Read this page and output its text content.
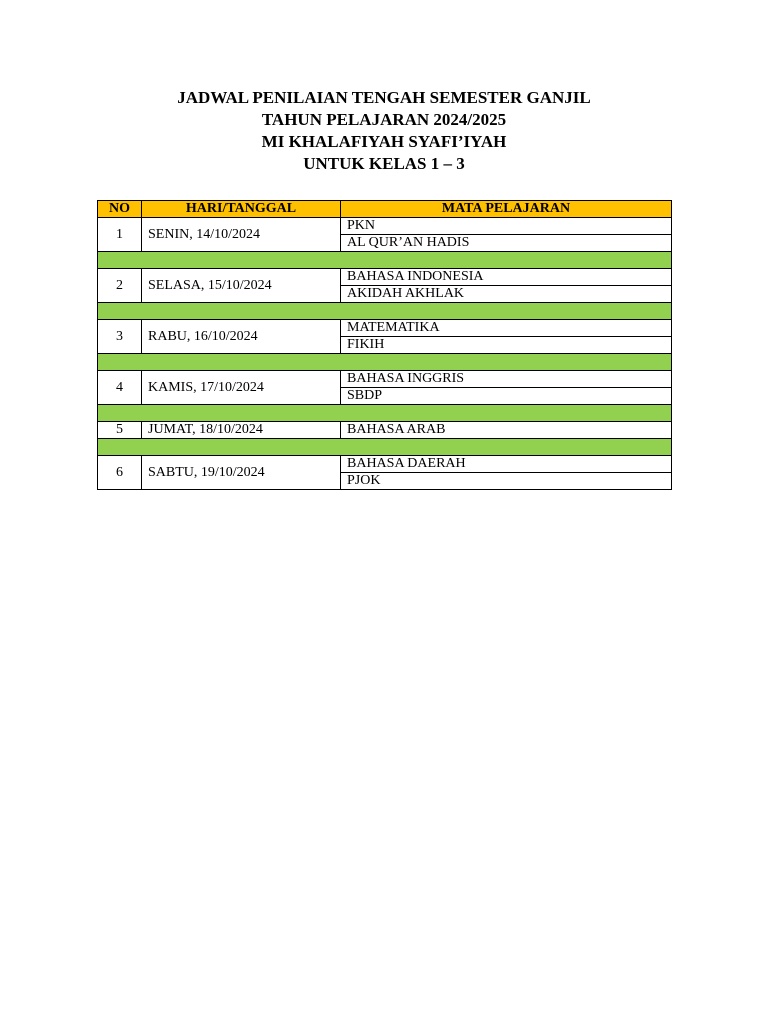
JADWAL PENILAIAN TENGAH SEMESTER GANJIL
TAHUN PELAJARAN 2024/2025
MI KHALAFIYAH SYAFI’IYAH
UNTUK KELAS 1 – 3
NO	HARI/TANGGAL	MATA PELAJARAN
1	SENIN, 14/10/2024	PKN
		AL QUR’AN HADIS

2	SELASA, 15/10/2024	BAHASA INDONESIA
		AKIDAH AKHLAK

3	RABU, 16/10/2024	MATEMATIKA
		FIKIH

4	KAMIS, 17/10/2024	BAHASA INGGRIS
		SBDP

5	JUMAT, 18/10/2024	BAHASA ARAB

6	SABTU, 19/10/2024	BAHASA DAERAH
		PJOK
